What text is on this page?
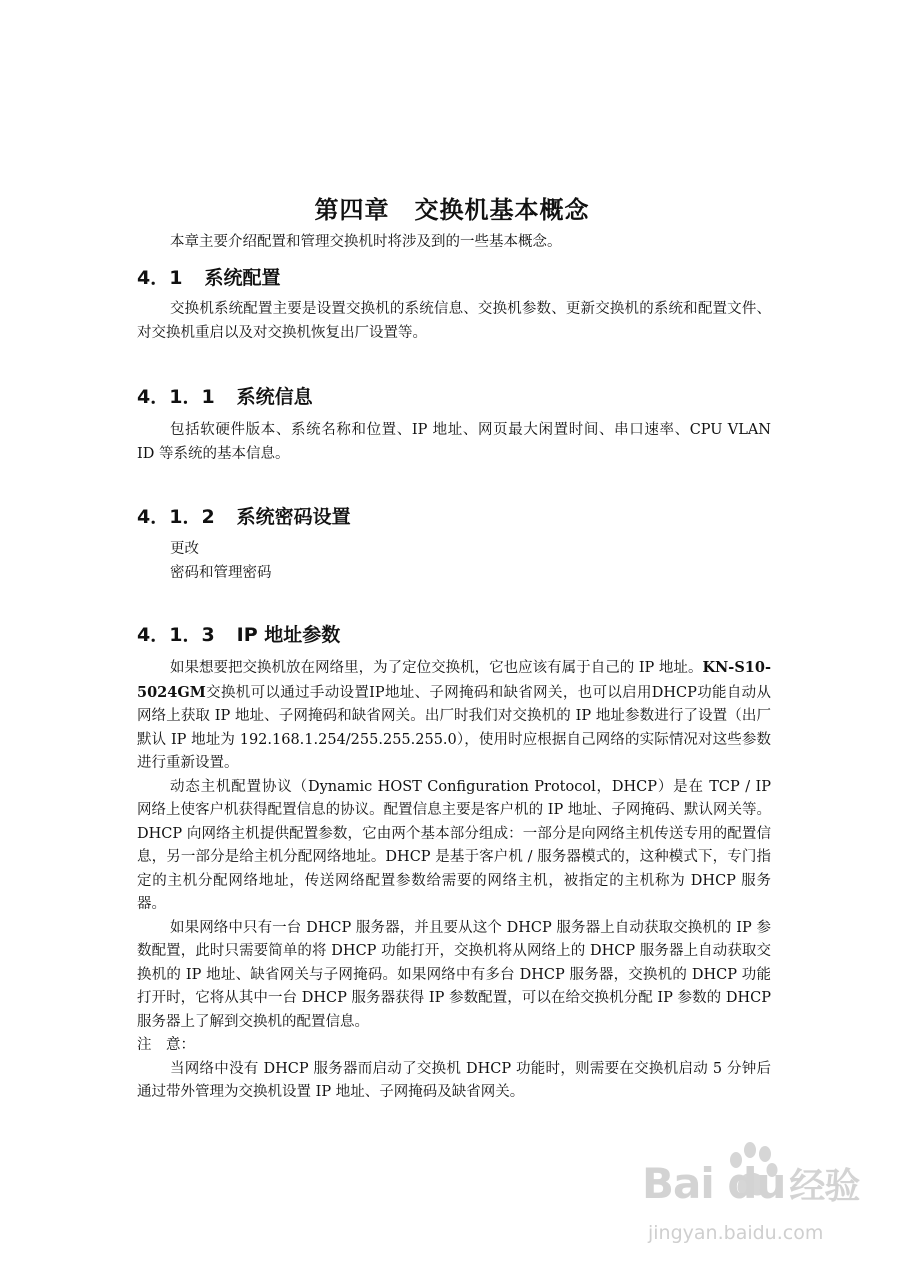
第四章　交换机基本概念

本章主要介绍配置和管理交换机时将涉及到的一些基本概念。

4．1 系统配置

交换机系统配置主要是设置交换机的系统信息、交换机参数、更新交换机的系统和配置文件、对交换机重启以及对交换机恢复出厂设置等。

4．1．1 系统信息

包括软硬件版本、系统名称和位置、IP 地址、网页最大闲置时间、串口速率、CPU VLAN ID 等系统的基本信息。

4．1．2 系统密码设置

更改

密码和管理密码

4．1．3 IP 地址参数

如果想要把交换机放在网络里，为了定位交换机，它也应该有属于自己的 IP 地址。KN-S10-5024GM交换机可以通过手动设置IP地址、子网掩码和缺省网关，也可以启用DHCP功能自动从网络上获取 IP 地址、子网掩码和缺省网关。出厂时我们对交换机的 IP 地址参数进行了设置（出厂默认 IP 地址为 192.168.1.254/255.255.255.0），使用时应根据自己网络的实际情况对这些参数进行重新设置。

动态主机配置协议（Dynamic HOST Configuration Protocol，DHCP）是在 TCP / IP 网络上使客户机获得配置信息的协议。配置信息主要是客户机的 IP 地址、子网掩码、默认网关等。DHCP 向网络主机提供配置参数，它由两个基本部分组成：一部分是向网络主机传送专用的配置信息，另一部分是给主机分配网络地址。DHCP 是基于客户机 / 服务器模式的，这种模式下，专门指定的主机分配网络地址，传送网络配置参数给需要的网络主机，被指定的主机称为 DHCP 服务器。

如果网络中只有一台 DHCP 服务器，并且要从这个 DHCP 服务器上自动获取交换机的 IP 参数配置，此时只需要简单的将 DHCP 功能打开，交换机将从网络上的 DHCP 服务器上自动获取交换机的 IP 地址、缺省网关与子网掩码。如果网络中有多台 DHCP 服务器，交换机的 DHCP 功能打开时，它将从其中一台 DHCP 服务器获得 IP 参数配置，可以在给交换机分配 IP 参数的 DHCP 服务器上了解到交换机的配置信息。

注　意：

当网络中没有 DHCP 服务器而启动了交换机 DHCP 功能时，则需要在交换机启动 5 分钟后通过带外管理为交换机设置 IP 地址、子网掩码及缺省网关。

Bai du 经验
jingyan.baidu.com
